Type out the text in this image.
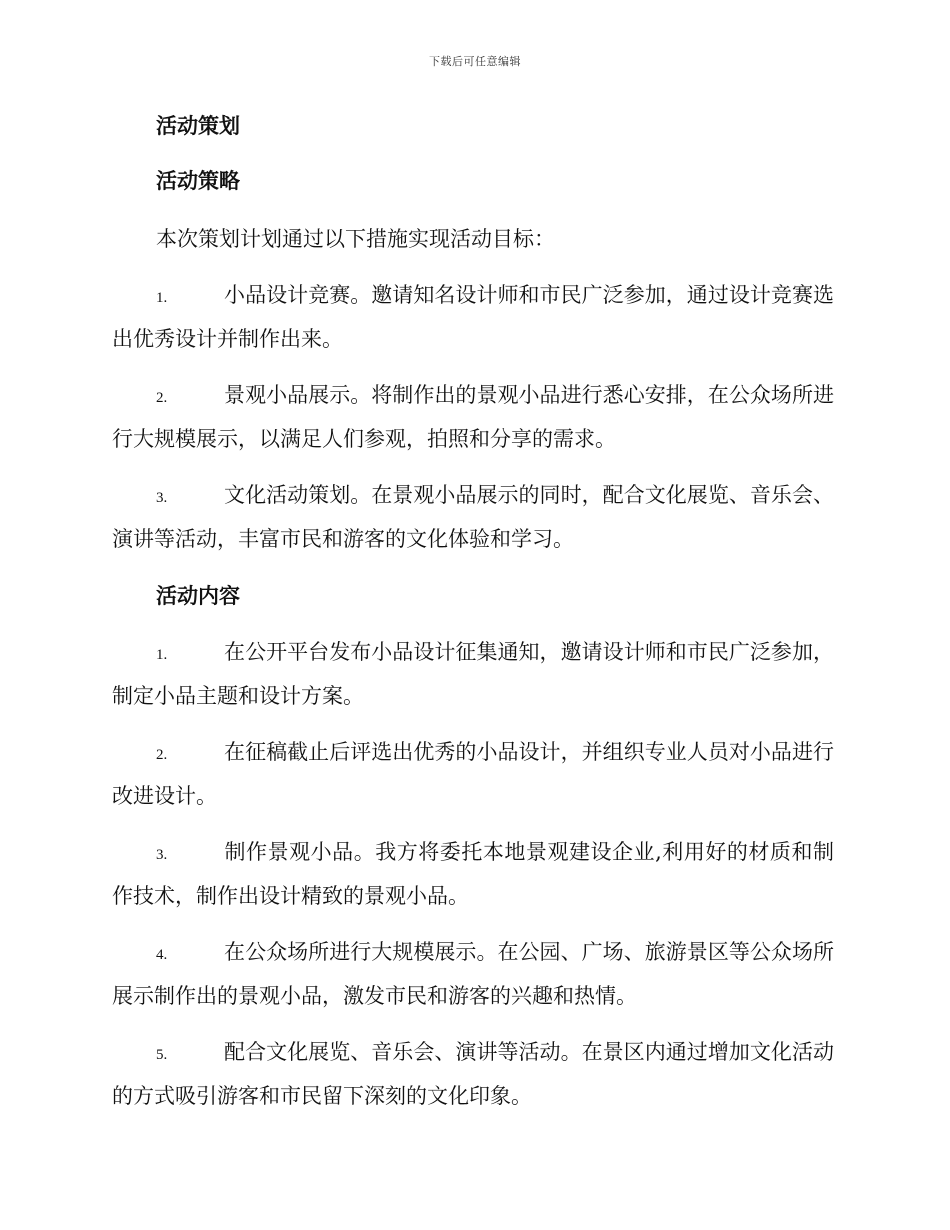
下载后可任意编辑
活动策划
活动策略

本次策划计划通过以下措施实现活动目标：

1.	小品设计竞赛。邀请知名设计师和市民广泛参加，通过设计竞赛选出优秀设计并制作出来。

2.	景观小品展示。将制作出的景观小品进行悉心安排，在公众场所进行大规模展示，以满足人们参观，拍照和分享的需求。

3.	文化活动策划。在景观小品展示的同时，配合文化展览、音乐会、演讲等活动，丰富市民和游客的文化体验和学习。

活动内容

1.	在公开平台发布小品设计征集通知，邀请设计师和市民广泛参加，制定小品主题和设计方案。

2.	在征稿截止后评选出优秀的小品设计，并组织专业人员对小品进行改进设计。

3.	制作景观小品。我方将委托本地景观建设企业,利用好的材质和制作技术，制作出设计精致的景观小品。

4.	在公众场所进行大规模展示。在公园、广场、旅游景区等公众场所展示制作出的景观小品，激发市民和游客的兴趣和热情。

5.	配合文化展览、音乐会、演讲等活动。在景区内通过增加文化活动的方式吸引游客和市民留下深刻的文化印象。
